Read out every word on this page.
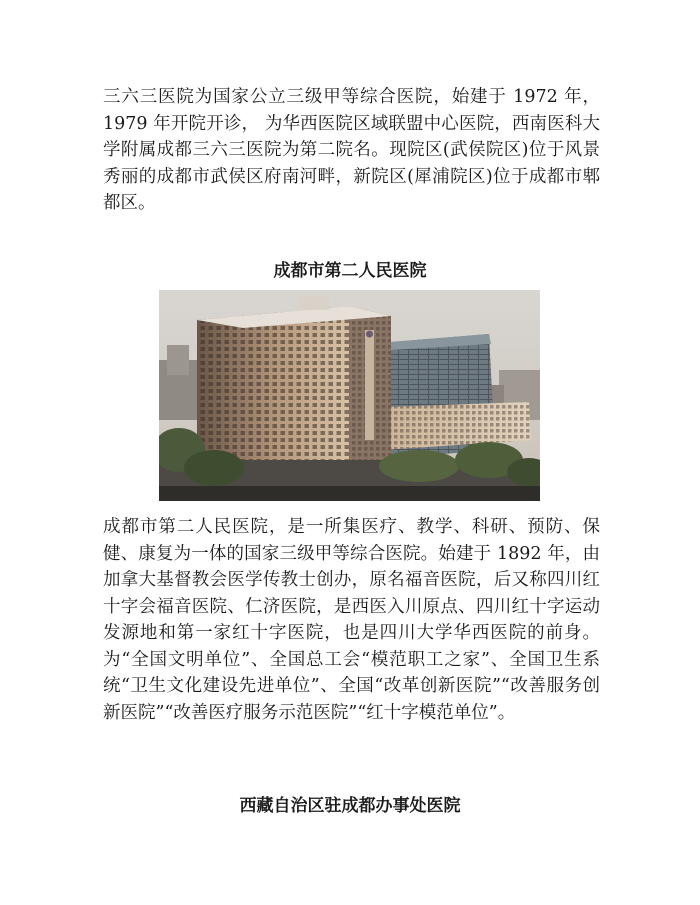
三六三医院为国家公立三级甲等综合医院，始建于 1972 年，1979 年开院开诊， 为华西医院区域联盟中心医院，西南医科大学附属成都三六三医院为第二院名。现院区(武侯院区)位于风景秀丽的成都市武侯区府南河畔，新院区(犀浦院区)位于成都市郫都区。

成都市第二人民医院

成都市第二人民医院，是一所集医疗、教学、科研、预防、保健、康复为一体的国家三级甲等综合医院。始建于 1892 年，由加拿大基督教会医学传教士创办，原名福音医院，后又称四川红十字会福音医院、仁济医院，是西医入川原点、四川红十字运动发源地和第一家红十字医院，也是四川大学华西医院的前身。为“全国文明单位”、全国总工会“模范职工之家”、全国卫生系统“卫生文化建设先进单位”、全国“改革创新医院”“改善服务创新医院”“改善医疗服务示范医院”“红十字模范单位”。

西藏自治区驻成都办事处医院
